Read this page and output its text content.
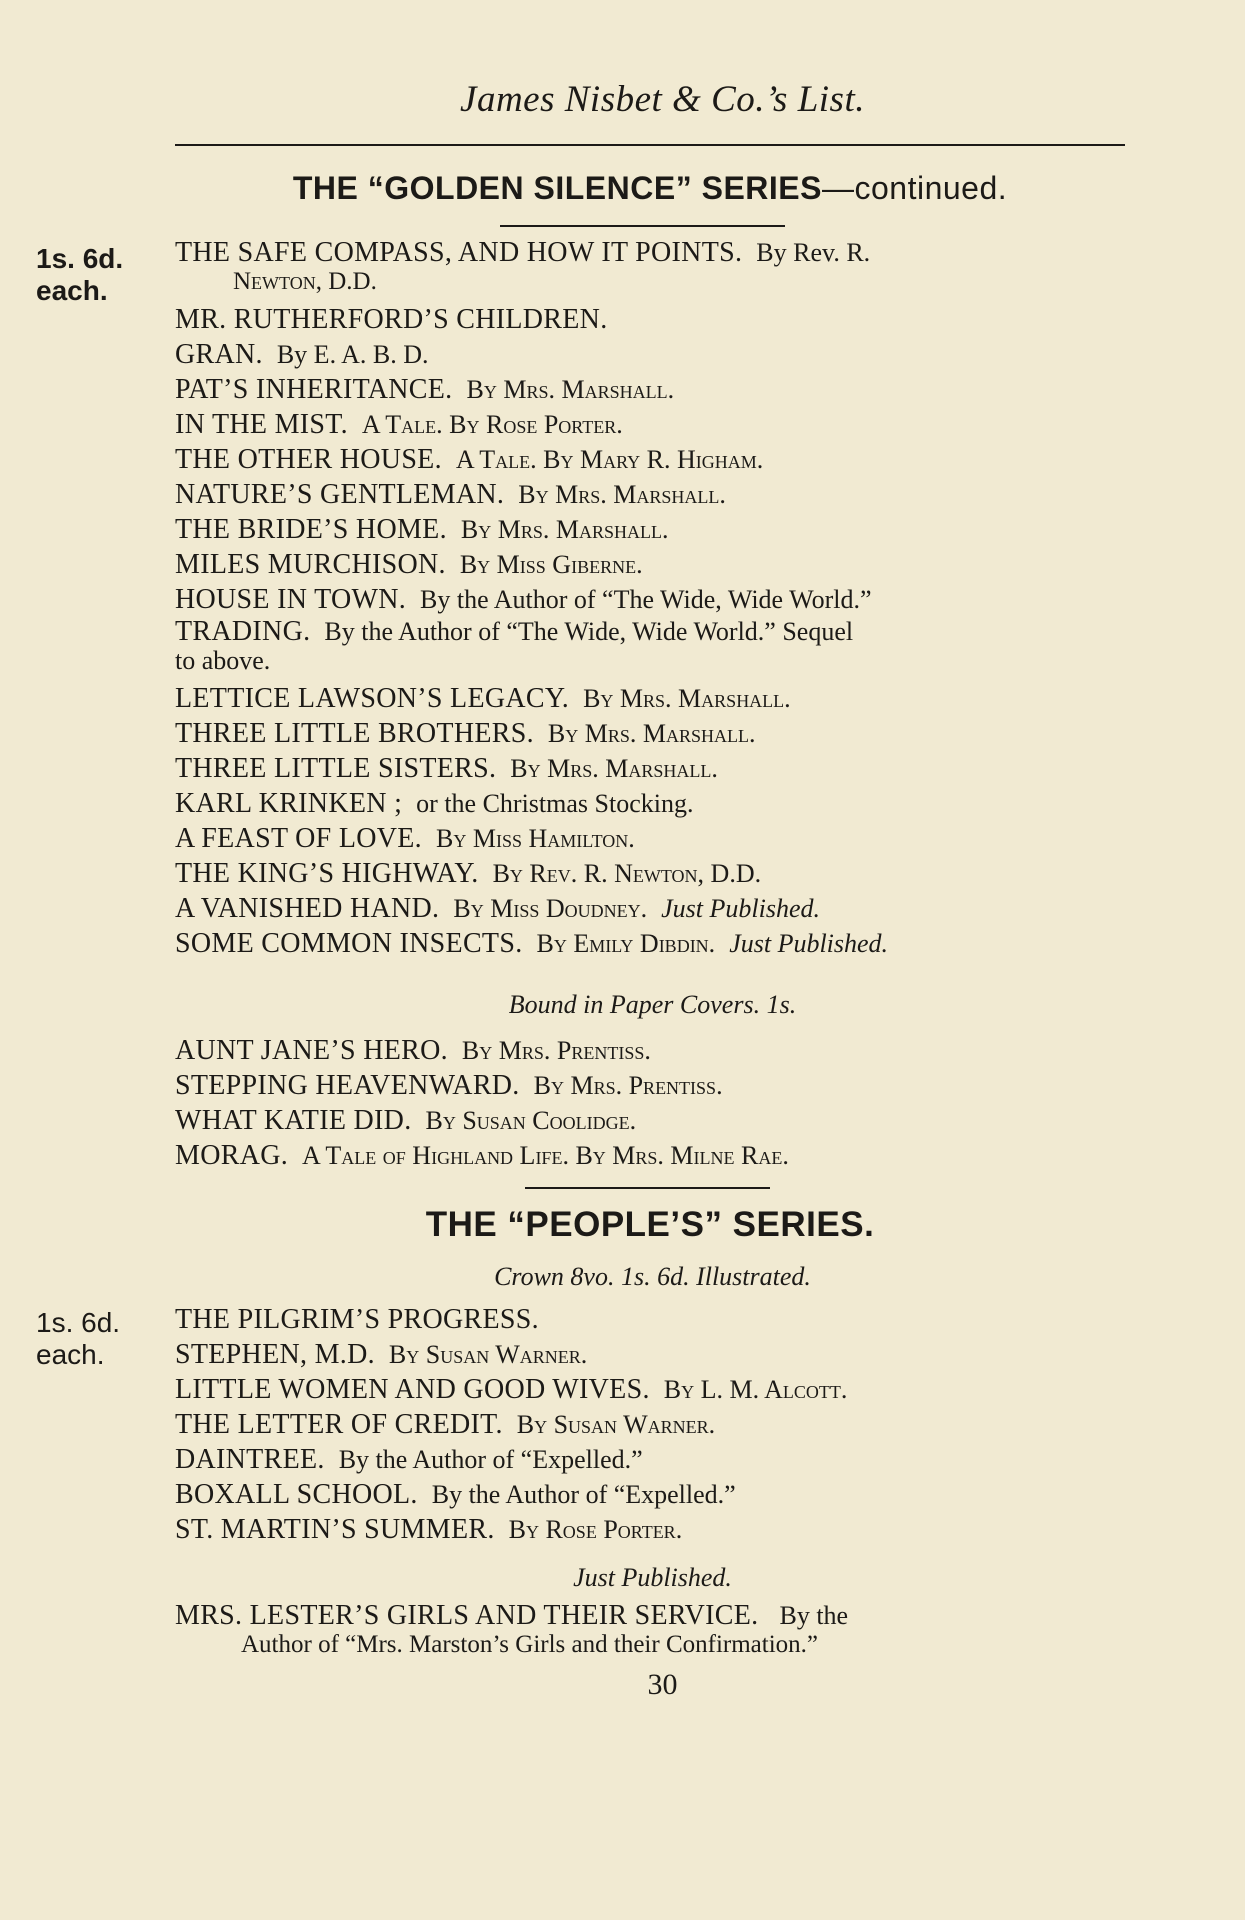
James Nisbet & Co.’s List.
THE “GOLDEN SILENCE” SERIES—continued.
1s. 6d.
each.
THE SAFE COMPASS, AND HOW IT POINTS. By Rev. R.
Newton, D.D.
MR. RUTHERFORD’S CHILDREN.
GRAN. By E. A. B. D.
PAT’S INHERITANCE. By Mrs. Marshall.
IN THE MIST. A Tale. By Rose Porter.
THE OTHER HOUSE. A Tale. By Mary R. Higham.
NATURE’S GENTLEMAN. By Mrs. Marshall.
THE BRIDE’S HOME. By Mrs. Marshall.
MILES MURCHISON. By Miss Giberne.
HOUSE IN TOWN. By the Author of “The Wide, Wide World.”
TRADING. By the Author of “The Wide, Wide World.” Sequel
to above.
LETTICE LAWSON’S LEGACY. By Mrs. Marshall.
THREE LITTLE BROTHERS. By Mrs. Marshall.
THREE LITTLE SISTERS. By Mrs. Marshall.
KARL KRINKEN ; or the Christmas Stocking.
A FEAST OF LOVE. By Miss Hamilton.
THE KING’S HIGHWAY. By Rev. R. Newton, D.D.
A VANISHED HAND. By Miss Doudney. Just Published.
SOME COMMON INSECTS. By Emily Dibdin. Just Published.
Bound in Paper Covers. 1s.
AUNT JANE’S HERO. By Mrs. Prentiss.
STEPPING HEAVENWARD. By Mrs. Prentiss.
WHAT KATIE DID. By Susan Coolidge.
MORAG. A Tale of Highland Life. By Mrs. Milne Rae.
THE “PEOPLE’S” SERIES.
Crown 8vo. 1s. 6d. Illustrated.
1s. 6d.
each.
THE PILGRIM’S PROGRESS.
STEPHEN, M.D. By Susan Warner.
LITTLE WOMEN AND GOOD WIVES. By L. M. Alcott.
THE LETTER OF CREDIT. By Susan Warner.
DAINTREE. By the Author of “Expelled.”
BOXALL SCHOOL. By the Author of “Expelled.”
ST. MARTIN’S SUMMER. By Rose Porter.
Just Published.
MRS. LESTER’S GIRLS AND THEIR SERVICE. By the
Author of “Mrs. Marston’s Girls and their Confirmation.”
30
